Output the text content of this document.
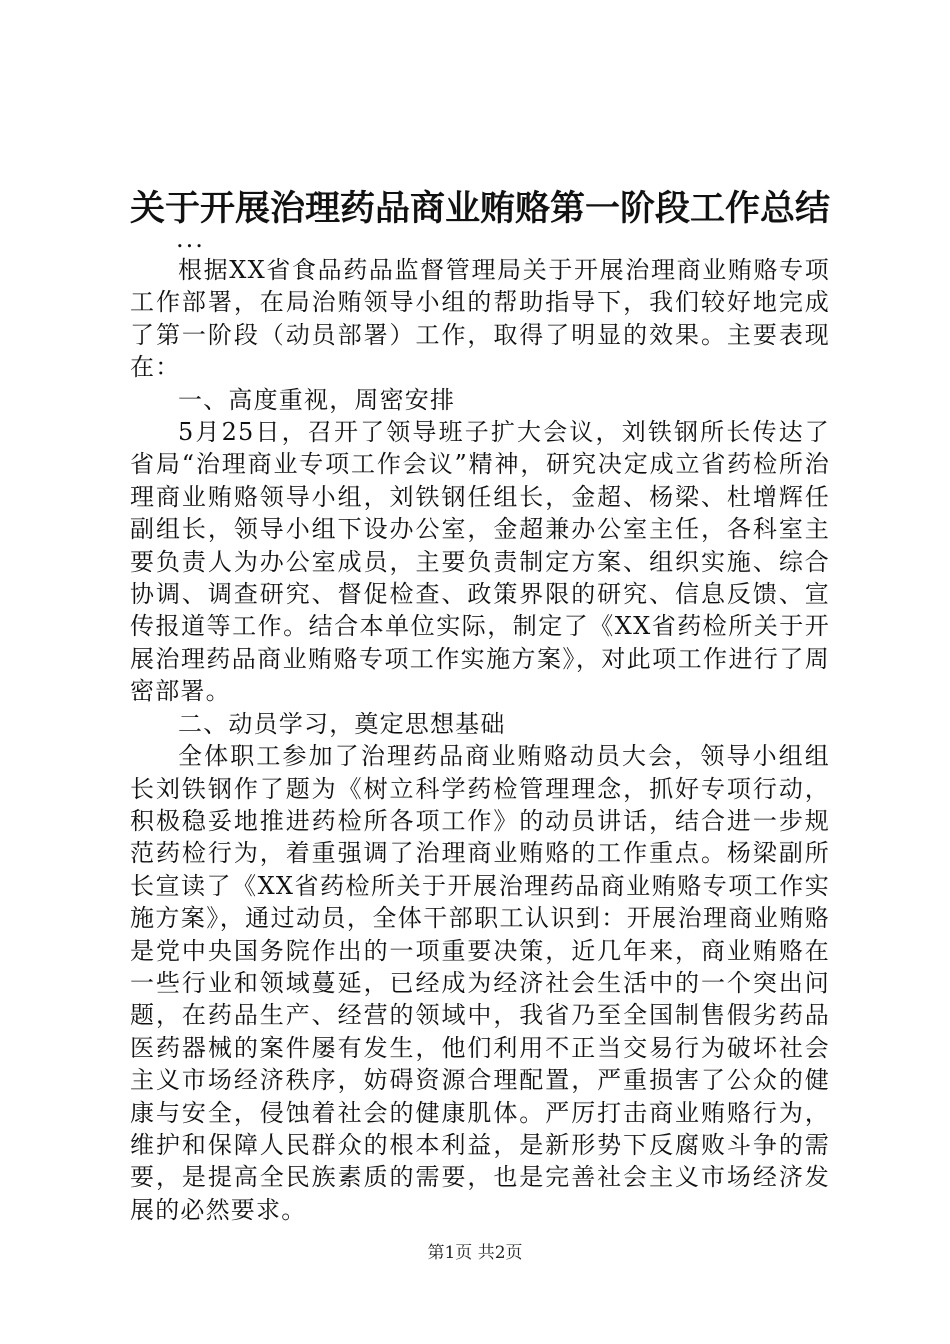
关于开展治理药品商业贿赂第一阶段工作总结
...

根据XX省食品药品监督管理局关于开展治理商业贿赂专项工作部署，在局治贿领导小组的帮助指导下，我们较好地完成了第一阶段（动员部署）工作，取得了明显的效果。主要表现在：

一、高度重视，周密安排

5月25日，召开了领导班子扩大会议，刘铁钢所长传达了省局“治理商业专项工作会议”精神，研究决定成立省药检所治理商业贿赂领导小组，刘铁钢任组长，金超、杨梁、杜增辉任副组长，领导小组下设办公室，金超兼办公室主任，各科室主要负责人为办公室成员，主要负责制定方案、组织实施、综合协调、调查研究、督促检查、政策界限的研究、信息反馈、宣传报道等工作。结合本单位实际，制定了《XX省药检所关于开展治理药品商业贿赂专项工作实施方案》，对此项工作进行了周密部署。

二、动员学习，奠定思想基础

全体职工参加了治理药品商业贿赂动员大会，领导小组组长刘铁钢作了题为《树立科学药检管理理念，抓好专项行动，积极稳妥地推进药检所各项工作》的动员讲话，结合进一步规范药检行为，着重强调了治理商业贿赂的工作重点。杨梁副所长宣读了《XX省药检所关于开展治理药品商业贿赂专项工作实施方案》，通过动员，全体干部职工认识到：开展治理商业贿赂是党中央国务院作出的一项重要决策，近几年来，商业贿赂在一些行业和领域蔓延，已经成为经济社会生活中的一个突出问题，在药品生产、经营的领域中，我省乃至全国制售假劣药品医药器械的案件屡有发生，他们利用不正当交易行为破坏社会主义市场经济秩序，妨碍资源合理配置，严重损害了公众的健康与安全，侵蚀着社会的健康肌体。严厉打击商业贿赂行为，维护和保障人民群众的根本利益，是新形势下反腐败斗争的需要，是提高全民族素质的需要，也是完善社会主义市场经济发展的必然要求。

第1页 共2页
